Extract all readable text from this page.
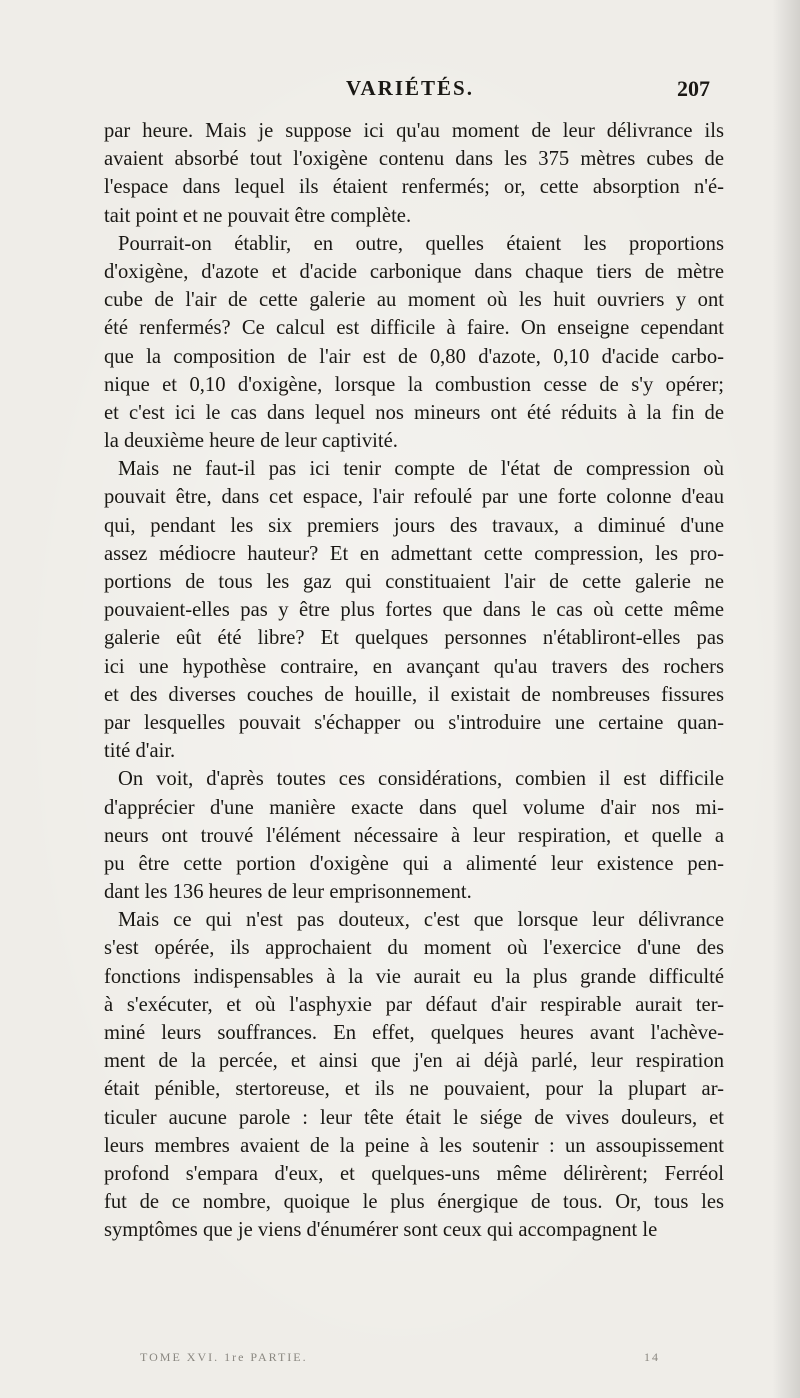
VARIÉTÉS.	207
par heure. Mais je suppose ici qu'au moment de leur délivrance ils
avaient absorbé tout l'oxigène contenu dans les 375 mètres cubes de
l'espace dans lequel ils étaient renfermés; or, cette absorption n'é-
tait point et ne pouvait être complète.
Pourrait-on établir, en outre, quelles étaient les proportions
d'oxigène, d'azote et d'acide carbonique dans chaque tiers de mètre
cube de l'air de cette galerie au moment où les huit ouvriers y ont
été renfermés? Ce calcul est difficile à faire. On enseigne cependant
que la composition de l'air est de 0,80 d'azote, 0,10 d'acide carbo-
nique et 0,10 d'oxigène, lorsque la combustion cesse de s'y opérer;
et c'est ici le cas dans lequel nos mineurs ont été réduits à la fin de
la deuxième heure de leur captivité.
Mais ne faut-il pas ici tenir compte de l'état de compression où
pouvait être, dans cet espace, l'air refoulé par une forte colonne d'eau
qui, pendant les six premiers jours des travaux, a diminué d'une
assez médiocre hauteur? Et en admettant cette compression, les pro-
portions de tous les gaz qui constituaient l'air de cette galerie ne
pouvaient-elles pas y être plus fortes que dans le cas où cette même
galerie eût été libre? Et quelques personnes n'établiront-elles pas
ici une hypothèse contraire, en avançant qu'au travers des rochers
et des diverses couches de houille, il existait de nombreuses fissures
par lesquelles pouvait s'échapper ou s'introduire une certaine quan-
tité d'air.
On voit, d'après toutes ces considérations, combien il est difficile
d'apprécier d'une manière exacte dans quel volume d'air nos mi-
neurs ont trouvé l'élément nécessaire à leur respiration, et quelle a
pu être cette portion d'oxigène qui a alimenté leur existence pen-
dant les 136 heures de leur emprisonnement.
Mais ce qui n'est pas douteux, c'est que lorsque leur délivrance
s'est opérée, ils approchaient du moment où l'exercice d'une des
fonctions indispensables à la vie aurait eu la plus grande difficulté
à s'exécuter, et où l'asphyxie par défaut d'air respirable aurait ter-
miné leurs souffrances. En effet, quelques heures avant l'achève-
ment de la percée, et ainsi que j'en ai déjà parlé, leur respiration
était pénible, stertoreuse, et ils ne pouvaient, pour la plupart ar-
ticuler aucune parole : leur tête était le siége de vives douleurs, et
leurs membres avaient de la peine à les soutenir : un assoupissement
profond s'empara d'eux, et quelques-uns même délirèrent; Ferréol
fut de ce nombre, quoique le plus énergique de tous. Or, tous les
symptômes que je viens d'énumérer sont ceux qui accompagnent le
TOME XVI. 1re PARTIE.	14
